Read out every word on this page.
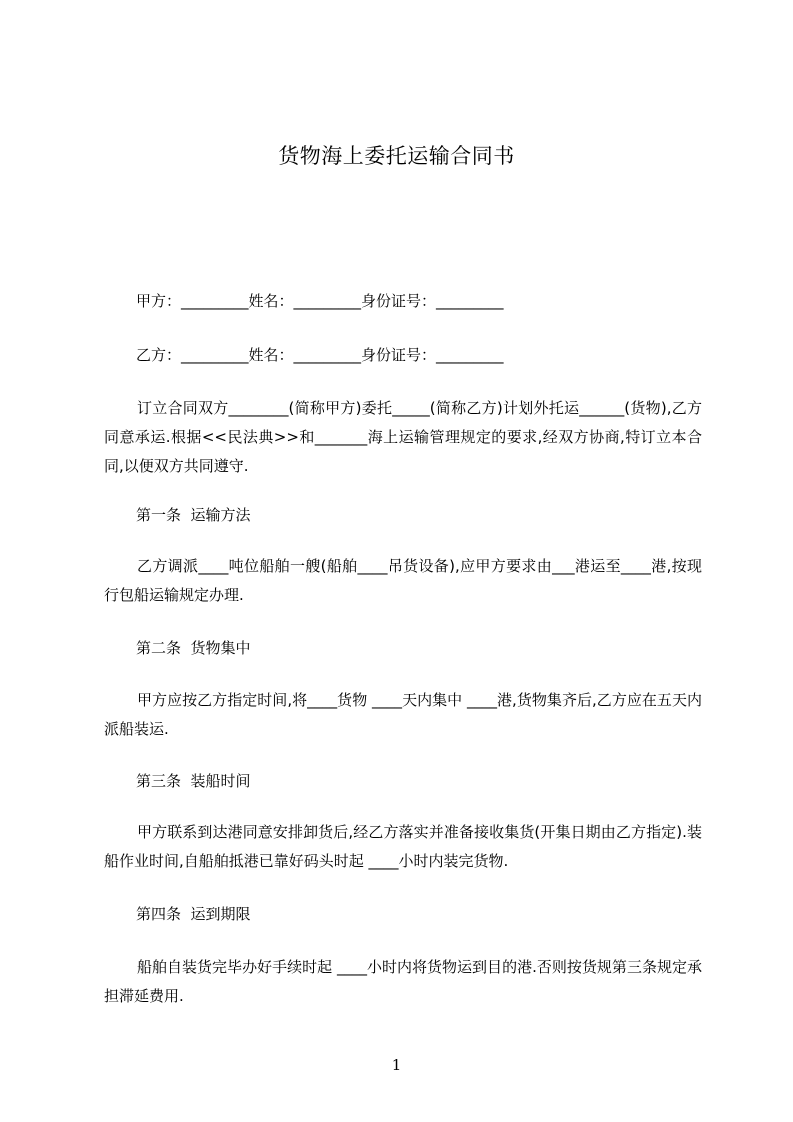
货物海上委托运输合同书
甲方：_________姓名：_________身份证号：_________
乙方：_________姓名：_________身份证号：_________
订立合同双方________(简称甲方)委托_____(简称乙方)计划外托运______(货物),乙方同意承运.根据<<民法典>>和_______海上运输管理规定的要求,经双方协商,特订立本合同,以便双方共同遵守.
第一条  运输方法
乙方调派____吨位船舶一艘(船舶____吊货设备),应甲方要求由___港运至____港,按现行包船运输规定办理.
第二条  货物集中
甲方应按乙方指定时间,将____货物 ____天内集中 ____港,货物集齐后,乙方应在五天内派船装运.
第三条  装船时间
甲方联系到达港同意安排卸货后,经乙方落实并准备接收集货(开集日期由乙方指定).装船作业时间,自船舶抵港已靠好码头时起 ____小时内装完货物.
第四条  运到期限
船舶自装货完毕办好手续时起 ____小时内将货物运到目的港.否则按货规第三条规定承担滞延费用.
1
